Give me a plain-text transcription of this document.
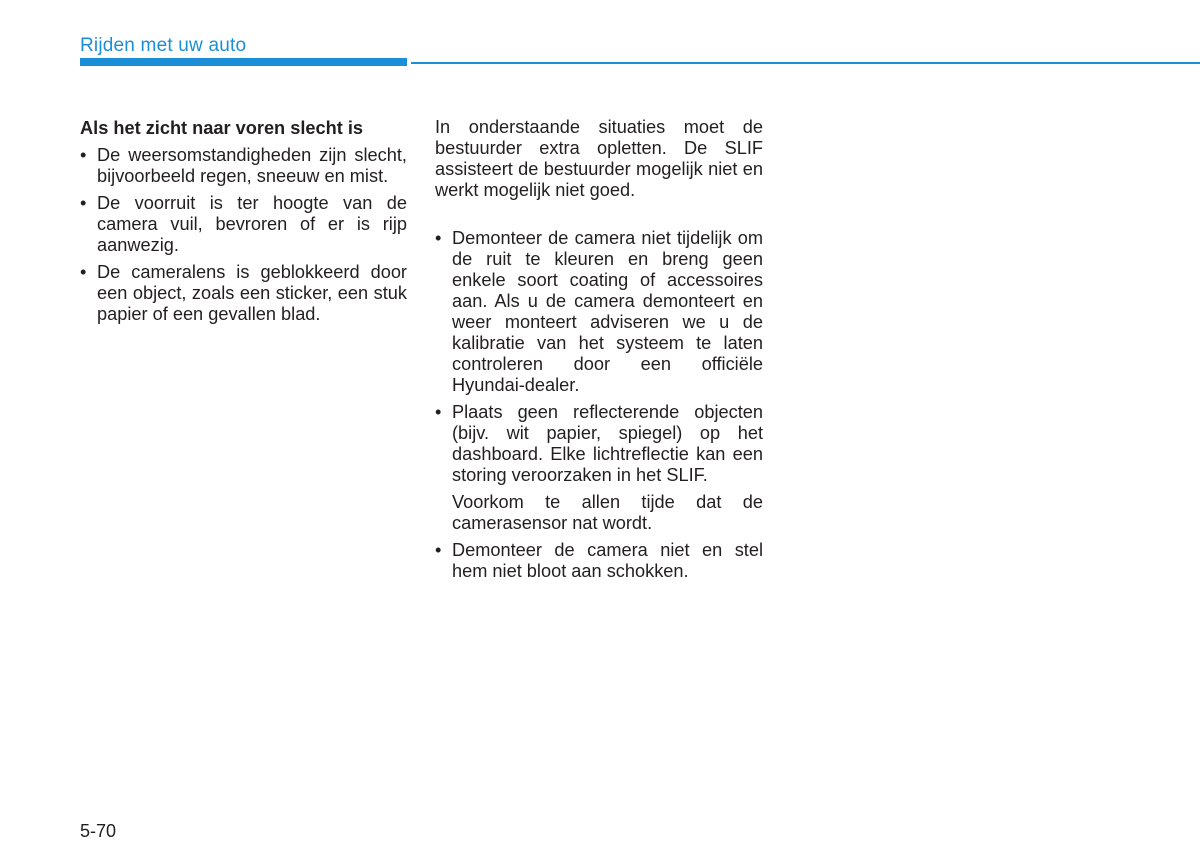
Rijden met uw auto
Als het zicht naar voren slecht is
• De weersomstandigheden zijn slecht, bijvoorbeeld regen, sneeuw en mist.
• De voorruit is ter hoogte van de camera vuil, bevroren of er is rijp aanwezig.
• De cameralens is geblokkeerd door een object, zoals een sticker, een stuk papier of een gevallen blad.

In onderstaande situaties moet de bestuurder extra opletten. De SLIF assisteert de bestuurder mogelijk niet en werkt mogelijk niet goed.

• Demonteer de camera niet tijdelijk om de ruit te kleuren en breng geen enkele soort coating of accessoires aan. Als u de camera demonteert en weer monteert adviseren we u de kalibratie van het systeem te laten controleren door een officiële Hyundai-dealer.
• Plaats geen reflecterende objecten (bijv. wit papier, spiegel) op het dashboard. Elke lichtreflectie kan een storing veroorzaken in het SLIF.

Voorkom te allen tijde dat de camerasensor nat wordt.

• Demonteer de camera niet en stel hem niet bloot aan schokken.
5-70
